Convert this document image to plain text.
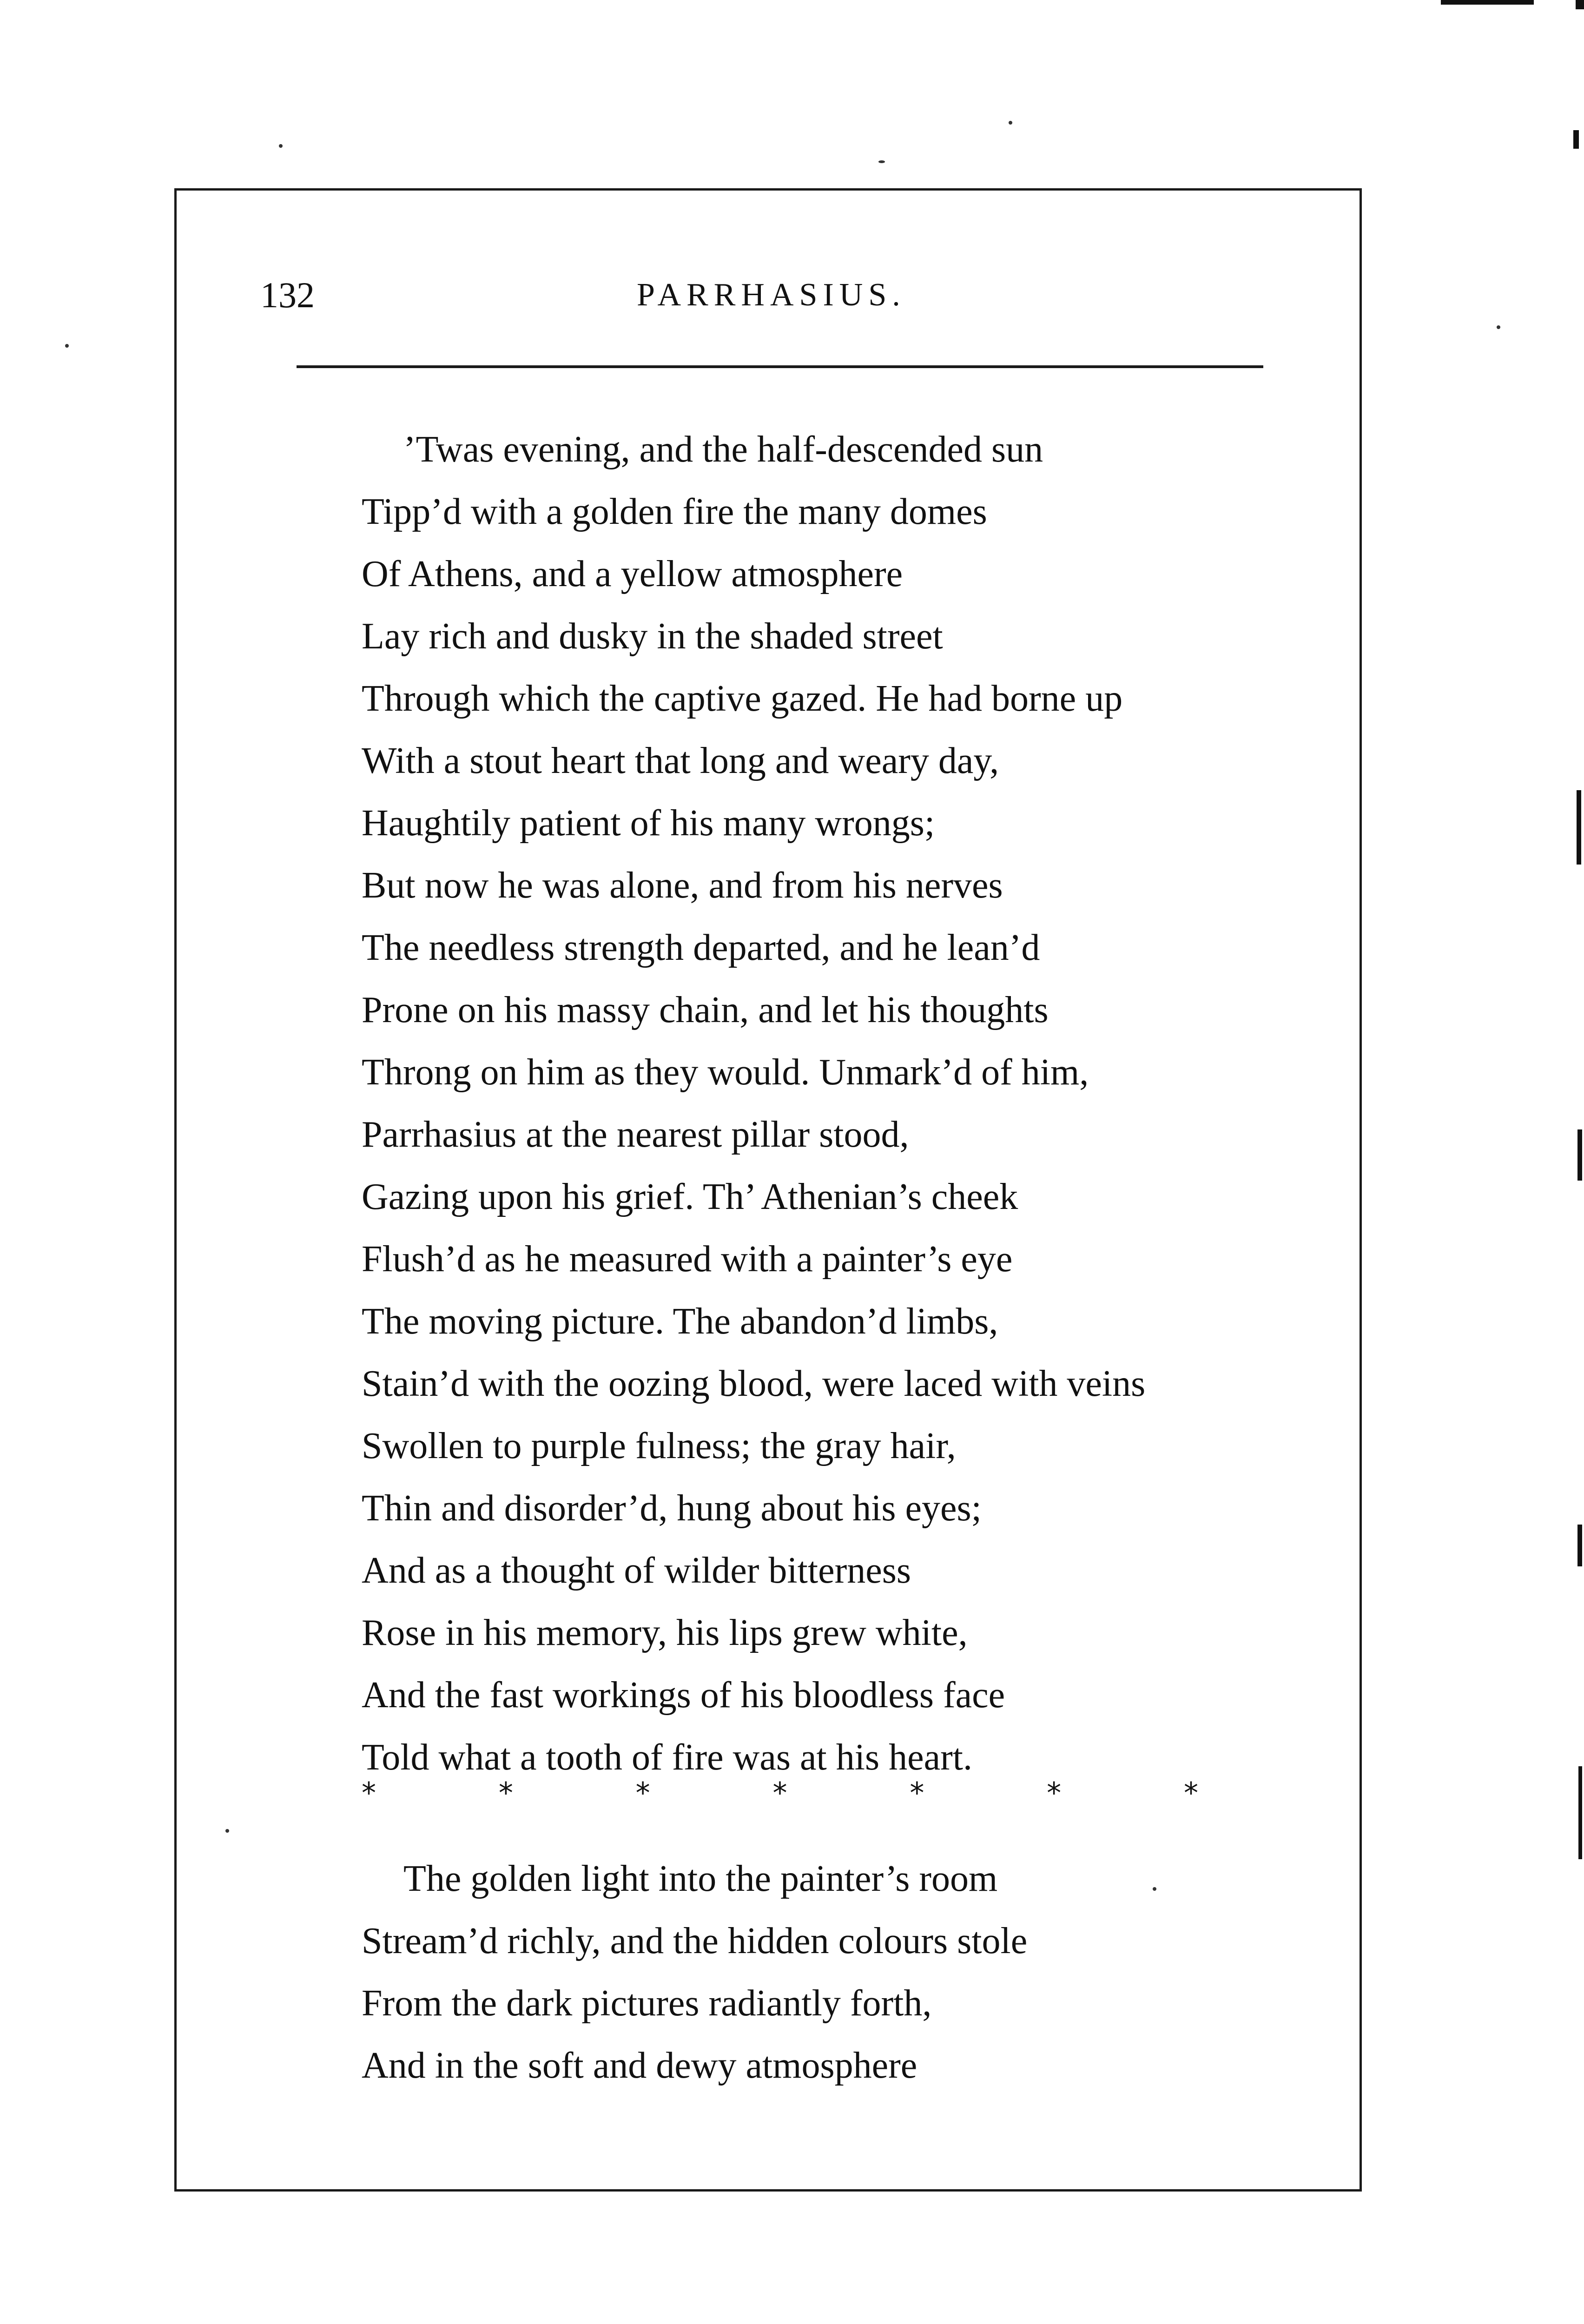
132	PARRHASIUS.
’Twas evening, and the half-descended sun
Tipp’d with a golden fire the many domes
Of Athens, and a yellow atmosphere
Lay rich and dusky in the shaded street
Through which the captive gazed. He had borne up
With a stout heart that long and weary day,
Haughtily patient of his many wrongs;
But now he was alone, and from his nerves
The needless strength departed, and he lean’d
Prone on his massy chain, and let his thoughts
Throng on him as they would. Unmark’d of him,
Parrhasius at the nearest pillar stood,
Gazing upon his grief. Th’ Athenian’s cheek
Flush’d as he measured with a painter’s eye
The moving picture. The abandon’d limbs,
Stain’d with the oozing blood, were laced with veins
Swollen to purple fulness; the gray hair,
Thin and disorder’d, hung about his eyes;
And as a thought of wilder bitterness
Rose in his memory, his lips grew white,
And the fast workings of his bloodless face
Told what a tooth of fire was at his heart.
The golden light into the painter’s room
Stream’d richly, and the hidden colours stole
From the dark pictures radiantly forth,
And in the soft and dewy atmosphere
*	*	*	*	*	*	*
